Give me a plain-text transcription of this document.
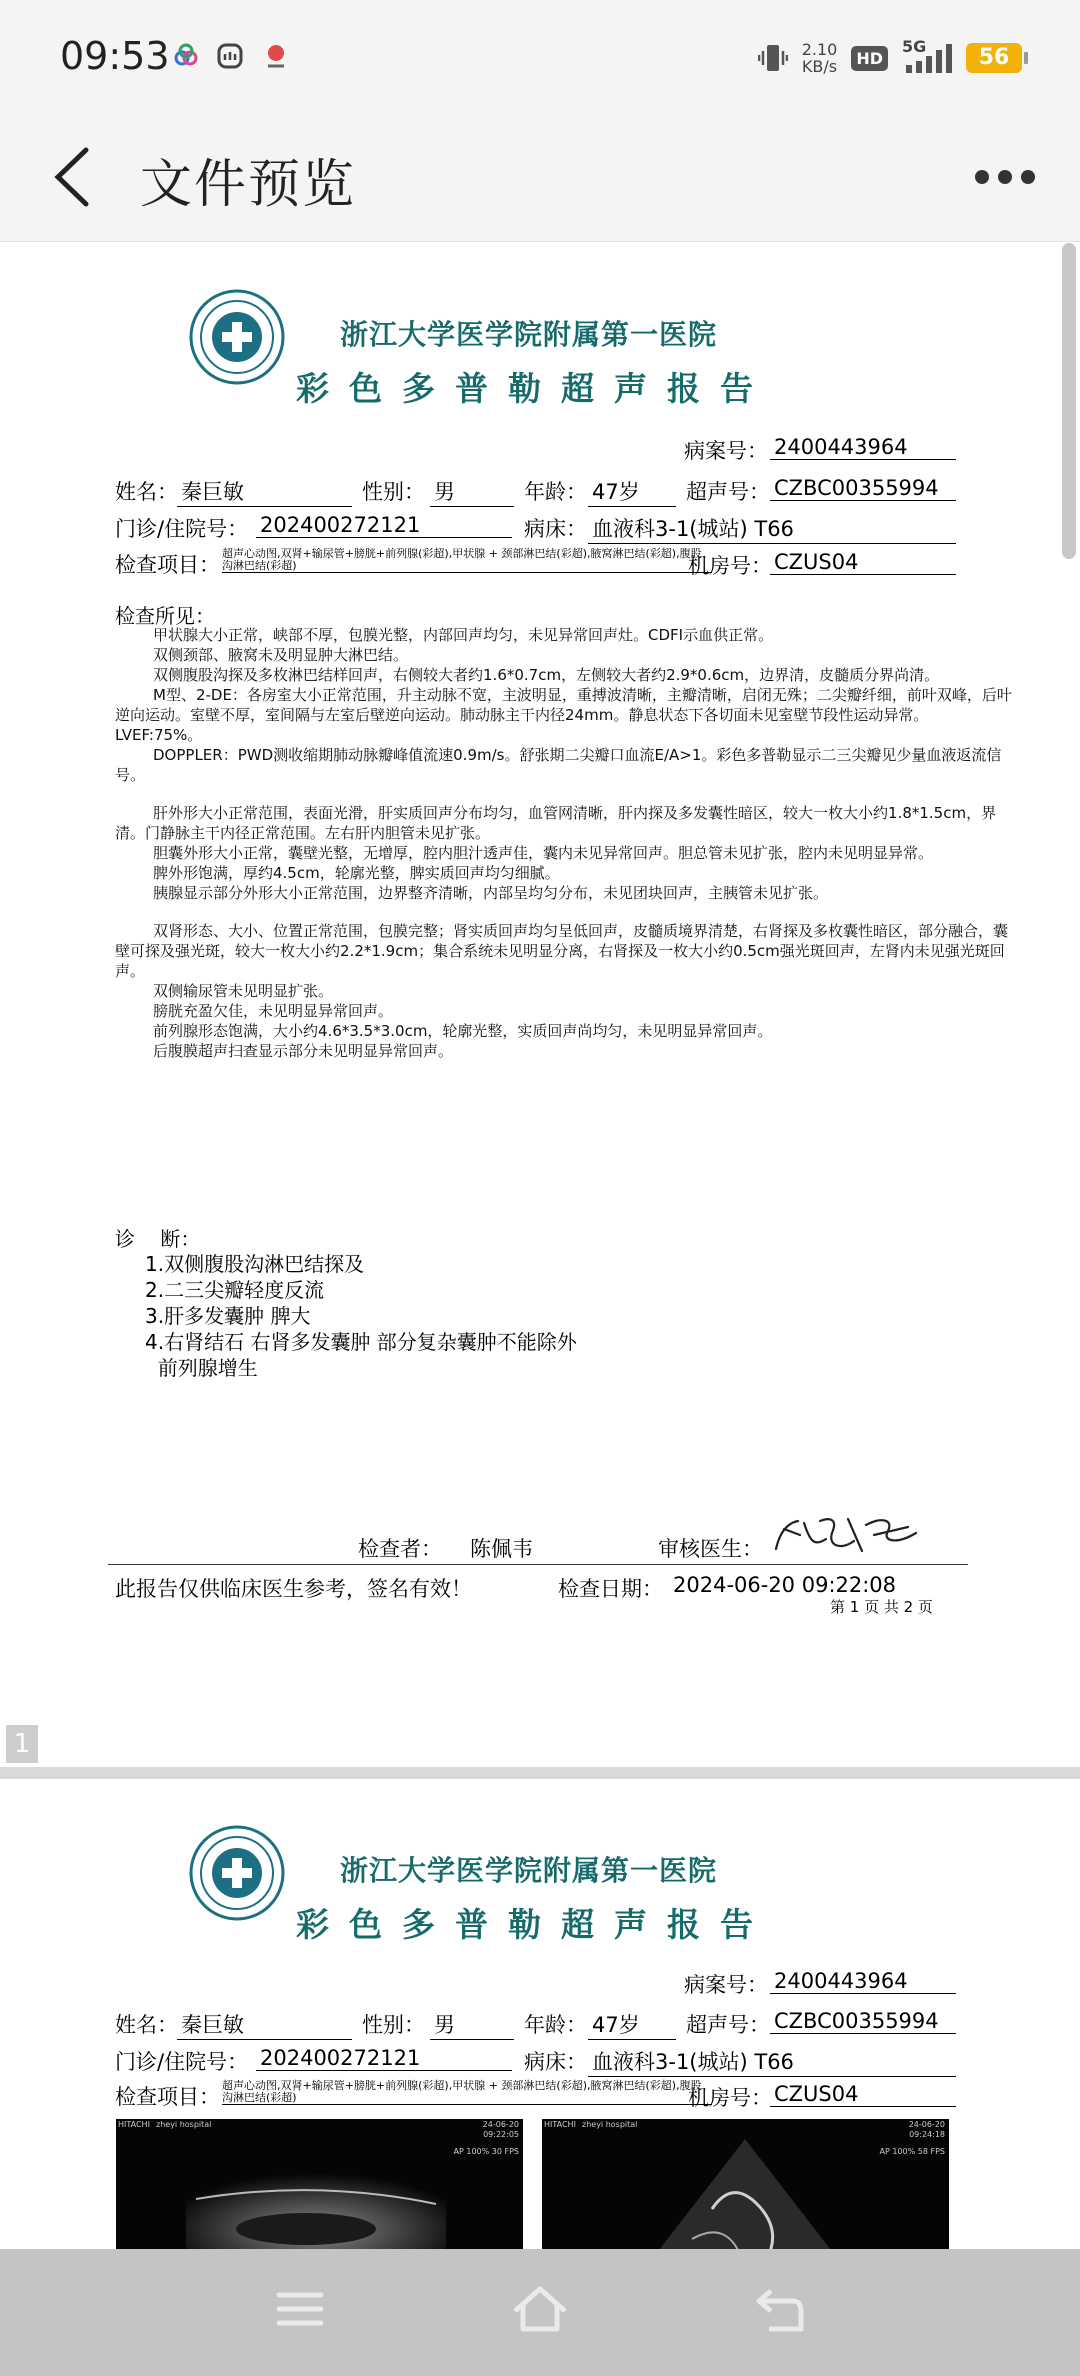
09:53	2.10
KB/s	HD
5G	56
文件预览
浙江大学医学院附属第一医院
彩色多普勒超声报告
病案号： 2400443964
姓名： 秦巨敏	性别： 男	年龄： 47岁	超声号： CZBC00355994
门诊/住院号： 202400272121	病床： 血液科3-1(城站) T66
检查项目： 超声心动图,双肾+输尿管+膀胱+前列腺(彩超),甲状腺 + 颈部淋巴结(彩超),腋窝淋巴结(彩超),腹股沟淋巴结(彩超)	机房号： CZUS04
检查所见：

甲状腺大小正常，峡部不厚，包膜光整，内部回声均匀，未见异常回声灶。CDFI示血供正常。

双侧颈部、腋窝未及明显肿大淋巴结。

双侧腹股沟探及多枚淋巴结样回声，右侧较大者约1.6*0.7cm，左侧较大者约2.9*0.6cm，边界清，皮髓质分界尚清。

M型、2-DE：各房室大小正常范围，升主动脉不宽，主波明显，重搏波清晰，主瓣清晰，启闭无殊；二尖瓣纤细，前叶双峰，后叶逆向运动。室壁不厚，室间隔与左室后壁逆向运动。肺动脉主干内径24mm。静息状态下各切面未见室壁节段性运动异常。LVEF:75%。

DOPPLER：PWD测收缩期肺动脉瓣峰值流速0.9m/s。舒张期二尖瓣口血流E/A>1。彩色多普勒显示二三尖瓣见少量血液返流信号。

肝外形大小正常范围，表面光滑，肝实质回声分布均匀，血管网清晰，肝内探及多发囊性暗区，较大一枚大小约1.8*1.5cm，界清。门静脉主干内径正常范围。左右肝内胆管未见扩张。

胆囊外形大小正常，囊壁光整，无增厚，腔内胆汁透声佳，囊内未见异常回声。胆总管未见扩张，腔内未见明显异常。

脾外形饱满，厚约4.5cm，轮廓光整，脾实质回声均匀细腻。

胰腺显示部分外形大小正常范围，边界整齐清晰，内部呈均匀分布，未见团块回声，主胰管未见扩张。

双肾形态、大小、位置正常范围，包膜完整；肾实质回声均匀呈低回声，皮髓质境界清楚，右肾探及多枚囊性暗区，部分融合，囊壁可探及强光斑，较大一枚大小约2.2*1.9cm；集合系统未见明显分离，右肾探及一枚大小约0.5cm强光斑回声，左肾内未见强光斑回声。

双侧输尿管未见明显扩张。

膀胱充盈欠佳，未见明显异常回声。

前列腺形态饱满，大小约4.6*3.5*3.0cm，轮廓光整，实质回声尚均匀，未见明显异常回声。

后腹膜超声扫查显示部分未见明显异常回声。

诊    断：
1.双侧腹股沟淋巴结探及
2.二三尖瓣轻度反流
3.肝多发囊肿 脾大
4.右肾结石 右肾多发囊肿 部分复杂囊肿不能除外
前列腺增生
检查者： 陈佩韦	审核医生：
此报告仅供临床医生参考，签名有效！	检查日期： 2024-06-20 09:22:08
第 1 页 共 2 页
1
浙江大学医学院附属第一医院
彩色多普勒超声报告
病案号： 2400443964
姓名： 秦巨敏	性别： 男	年龄： 47岁	超声号： CZBC00355994
门诊/住院号： 202400272121	病床： 血液科3-1(城站) T66
检查项目： 超声心动图,双肾+输尿管+膀胱+前列腺(彩超),甲状腺 + 颈部淋巴结(彩超),腋窝淋巴结(彩超),腹股沟淋巴结(彩超)	机房号： CZUS04
HITACHI zheyi hospital	24-06-20
09:22:05
AP 100% 30 FPS
HITACHI zheyi hospital	24-06-20
09:24:18
AP 100% 58 FPS
